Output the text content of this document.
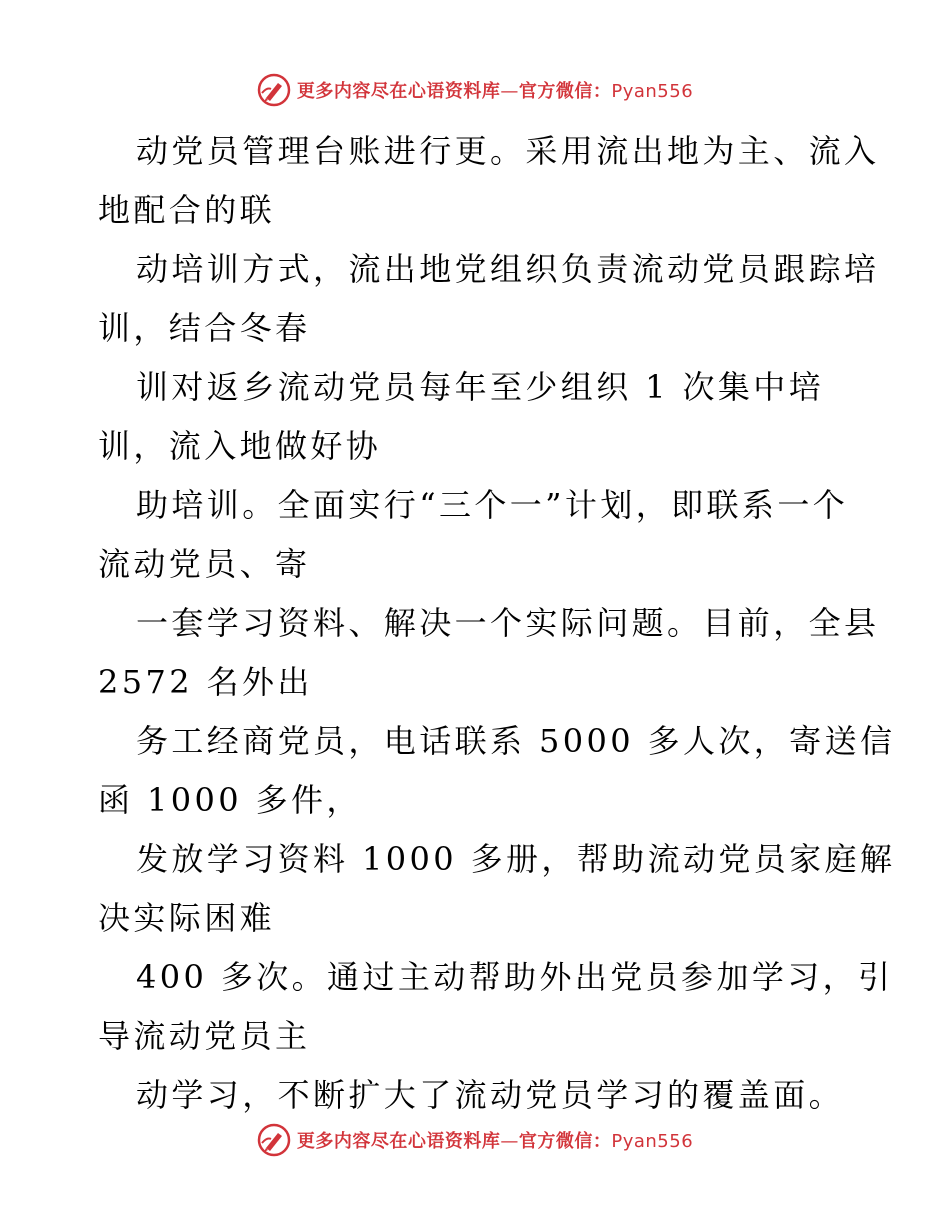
更多内容尽在心语资料库—官方微信：Pyan556
动党员管理台账进行更。采用流出地为主、流入
地配合的联
动培训方式，流出地党组织负责流动党员跟踪培
训，结合冬春
训对返乡流动党员每年至少组织 1 次集中培
训，流入地做好协
助培训。全面实行“三个一”计划，即联系一个
流动党员、寄
一套学习资料、解决一个实际问题。目前，全县
2572 名外出
务工经商党员，电话联系 5000 多人次，寄送信
函 1000 多件，
发放学习资料 1000 多册，帮助流动党员家庭解
决实际困难
400 多次。通过主动帮助外出党员参加学习，引
导流动党员主
动学习，不断扩大了流动党员学习的覆盖面。
更多内容尽在心语资料库—官方微信：Pyan556
